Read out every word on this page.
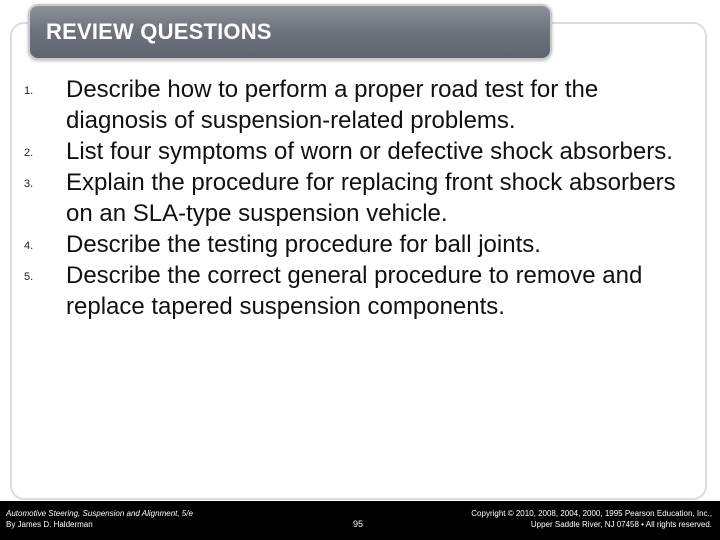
REVIEW QUESTIONS
1. Describe how to perform a proper road test for the diagnosis of suspension-related problems.
2. List four symptoms of worn or defective shock absorbers.
3. Explain the procedure for replacing front shock absorbers on an SLA-type suspension vehicle.
4. Describe the testing procedure for ball joints.
5. Describe the correct general procedure to remove and replace tapered suspension components.
Automotive Steering, Suspension and Alignment, 5/e
By James D. Halderman	95
Copyright © 2010, 2008, 2004, 2000, 1995 Pearson Education, Inc.,
Upper Saddle River, NJ 07458 • All rights reserved.
